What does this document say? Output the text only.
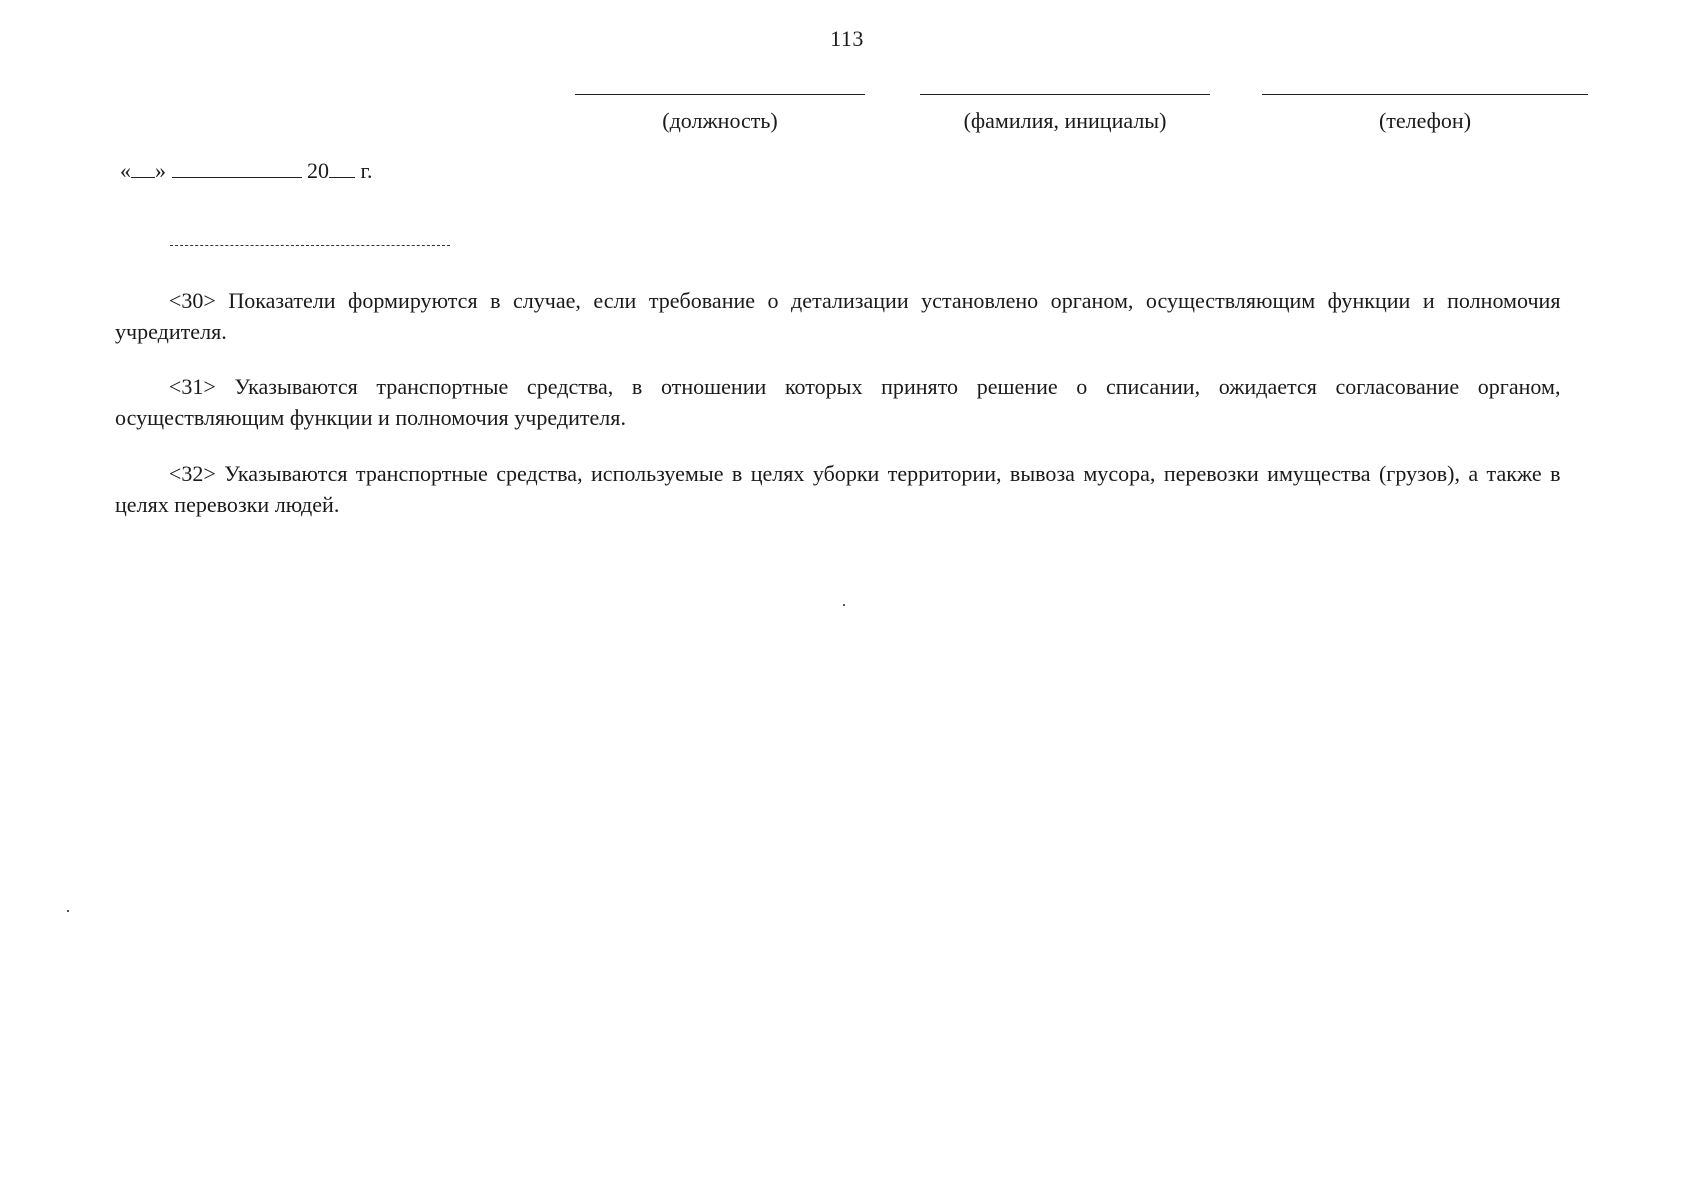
113
(должность)	(фамилия, инициалы)	(телефон)
« »	20 г.
<30> Показатели формируются в случае, если требование о детализации установлено органом, осуществляющим функции и полномочия учредителя.
<31> Указываются транспортные средства, в отношении которых принято решение о списании, ожидается согласование органом, осуществляющим функции и полномочия учредителя.
<32> Указываются транспортные средства, используемые в целях уборки территории, вывоза мусора, перевозки имущества (грузов), а также в целях перевозки людей.
